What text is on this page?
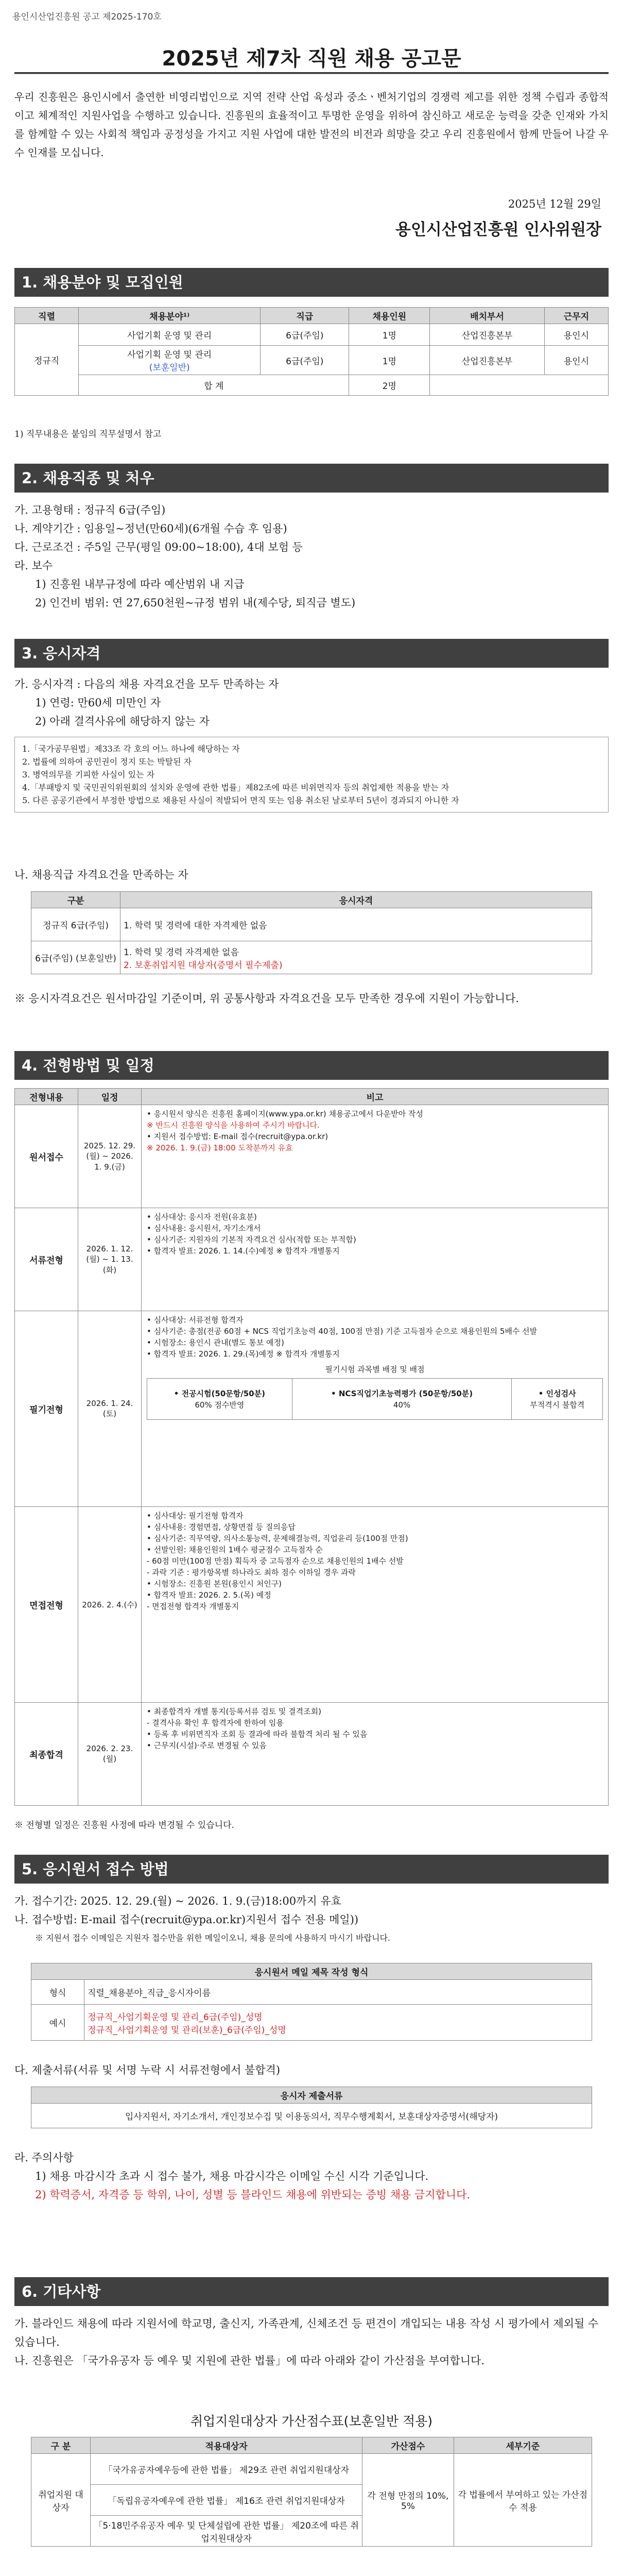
용인시산업진흥원 공고 제2025-170호
2025년 제7차 직원 채용 공고문
우리 진흥원은 용인시에서 출연한 비영리법인으로 지역 전략 산업 육성과 중소ㆍ벤처기업의 경쟁력 제고를 위한 정책 수립과 종합적이고 체계적인 지원사업을 수행하고 있습니다. 진흥원의 효율적이고 투명한 운영을 위하여 참신하고 새로운 능력을 갖춘 인재와 가치를 함께할 수 있는 사회적 책임과 공정성을 가지고 지원 사업에 대한 발전의 비전과 희망을 갖고 우리 진흥원에서 함께 만들어 나갈 우수 인재를 모십니다.
2025년 12월 29일
용인시산업진흥원 인사위원장
1. 채용분야 및 모집인원
직렬	채용분야¹⁾	직급	채용인원	배치부서	근무지
정규직	사업기획 운영 및 관리	6급(주임)	1명	산업진흥본부	용인시

	사업기획 운영 및 관리
(보훈일반)	6급(주임)	1명	산업진흥본부	용인시
	합 계		2명		
1) 직무내용은 붙임의 직무설명서 참고
2. 채용직종 및 처우

가. 고용형태 : 정규직 6급(주임)

나. 계약기간 : 임용일~정년(만60세)(6개월 수습 후 임용)

다. 근로조건 : 주5일 근무(평일 09:00~18:00), 4대 보험 등

라. 보수

1) 진흥원 내부규정에 따라 예산범위 내 지급

2) 인건비 범위: 연 27,650천원~규정 범위 내(제수당, 퇴직금 별도)

3. 응시자격

가. 응시자격 : 다음의 채용 자격요건을 모두 만족하는 자

1) 연령: 만60세 미만인 자

2) 아래 결격사유에 해당하지 않는 자

1.「국가공무원법」제33조 각 호의 어느 하나에 해당하는 자
2. 법률에 의하여 공민권이 정지 또는 박탈된 자
3. 병역의무를 기피한 사실이 있는 자
4.「부패방지 및 국민권익위원회의 설치와 운영에 관한 법률」제82조에 따른 비위면직자 등의 취업제한 적용을 받는 자
5. 다른 공공기관에서 부정한 방법으로 채용된 사실이 적발되어 면직 또는 임용 취소된 날로부터 5년이 경과되지 아니한 자
나. 채용직급 자격요건을 만족하는 자
구분	응시자격
정규직 6급(주임)	1. 학력 및 경력에 대한 자격제한 없음
6급(주임) (보훈일반)	1. 학력 및 경력 자격제한 없음
2. 보훈취업지원 대상자(증명서 필수제출)
※ 응시자격요건은 원서마감일 기준이며, 위 공통사항과 자격요건을 모두 만족한 경우에 지원이 가능합니다.
4. 전형방법 및 일정
전형내용	일정	비고
원서접수	2025. 12. 29.(월) ~ 2026. 1. 9.(금)	
• 응시원서 양식은 진흥원 홈페이지(www.ypa.or.kr) 채용공고에서 다운받아 작성
※ 반드시 진흥원 양식을 사용하여 주시기 바랍니다.
• 지원서 접수방법: E-mail 접수(recruit@ypa.or.kr)
※ 2026. 1. 9.(금) 18:00 도착분까지 유효

서류전형	2026. 1. 12.(월) ~ 1. 13.(화)	
• 심사대상: 응시자 전원(유효분)
• 심사내용: 응시원서, 자기소개서
• 심사기준: 지원자의 기본적 자격요건 심사(적합 또는 부적합)
• 합격자 발표: 2026. 1. 14.(수)예정 ※ 합격자 개별통지

필기전형	2026. 1. 24.(토)	
• 심사대상: 서류전형 합격자
• 심사기준: 총점(전공 60점 + NCS 직업기초능력 40점, 100점 만점) 기준 고득점자 순으로 채용인원의 5배수 선발
• 시험장소: 용인시 관내(별도 통보 예정)
• 합격자 발표: 2026. 1. 29.(목)예정 ※ 합격자 개별통지
필기시험 과목별 배점 및 배점
• 전공시험(50문항/50분)
60% 점수반영

• NCS직업기초능력평가 (50문항/50분)
40%

• 인성검사
부적격시 불합격

면접전형	2026. 2. 4.(수)	
• 심사대상: 필기전형 합격자
• 심사내용: 경험면접, 상황면접 등 질의응답
• 심사기준: 직무역량, 의사소통능력, 문제해결능력, 직업윤리 등(100점 만점)
• 선발인원: 채용인원의 1배수 평균점수 고득점자 순
- 60점 미만(100점 만점) 획득자 중 고득점자 순으로 채용인원의 1배수 선발
- 과락 기준 : 평가항목별 하나라도 최하 점수 이하일 경우 과락
• 시험장소: 진흥원 본원(용인시 처인구)
• 합격자 발표: 2026. 2. 5.(목) 예정
- 면접전형 합격자 개별통지

최종합격	2026. 2. 23.(월)	
• 최종합격자 개별 통지(등록서류 검토 및 결격조회)
- 결격사유 확인 후 합격자에 한하여 임용
• 등록 후 비위면직자 조회 등 결과에 따라 불합격 처리 될 수 있음
• 근무지(시설)·주로 변경될 수 있음
※ 전형별 일정은 진흥원 사정에 따라 변경될 수 있습니다.
5. 응시원서 접수 방법

가. 접수기간: 2025. 12. 29.(월) ~ 2026. 1. 9.(금)18:00까지 유효

나. 접수방법: E-mail 접수(recruit@ypa.or.kr)지원서 접수 전용 메일))

※ 지원서 접수 이메일은 지원자 접수만을 위한 메일이오니, 채용 문의에 사용하지 마시기 바랍니다.

응시원서 메일 제목 작성 형식	
형식	직렬_채용분야_직급_응시자이름
예시	정규직_사업기획운영 및 관리_6급(주임)_성명
정규직_사업기획운영 및 관리(보훈)_6급(주임)_성명
다. 제출서류(서류 및 서명 누락 시 서류전형에서 불합격)
응시자 제출서류
입사지원서, 자기소개서, 개인정보수집 및 이용동의서, 직무수행계획서, 보훈대상자증명서(해당자)

라. 주의사항

1) 채용 마감시각 초과 시 접수 불가, 채용 마감시각은 이메일 수신 시각 기준입니다.

2) 학력증서, 자격증 등 학위, 나이, 성별 등 블라인드 채용에 위반되는 증빙 채용 금지합니다.

6. 기타사항

가. 블라인드 채용에 따라 지원서에 학교명, 출신지, 가족관계, 신체조건 등 편견이 개입되는 내용 작성 시 평가에서 제외될 수 있습니다.

나. 진흥원은 「국가유공자 등 예우 및 지원에 관한 법률」에 따라 아래와 같이 가산점을 부여합니다.

취업지원대상자 가산점수표(보훈일반 적용)
구 분	적용대상자	가산점수	세부기준
취업지원 대상자	「국가유공자예우등에 관한 법률」 제29조 관련 취업지원대상자	각 전형 만점의 10%, 5%	각 법률에서 부여하고 있는 가산점수 적용
	「독립유공자예우에 관한 법률」 제16조 관련 취업지원대상자		
	「5·18민주유공자 예우 및 단체설립에 관한 법률」 제20조에 따른 취업지원대상자		
